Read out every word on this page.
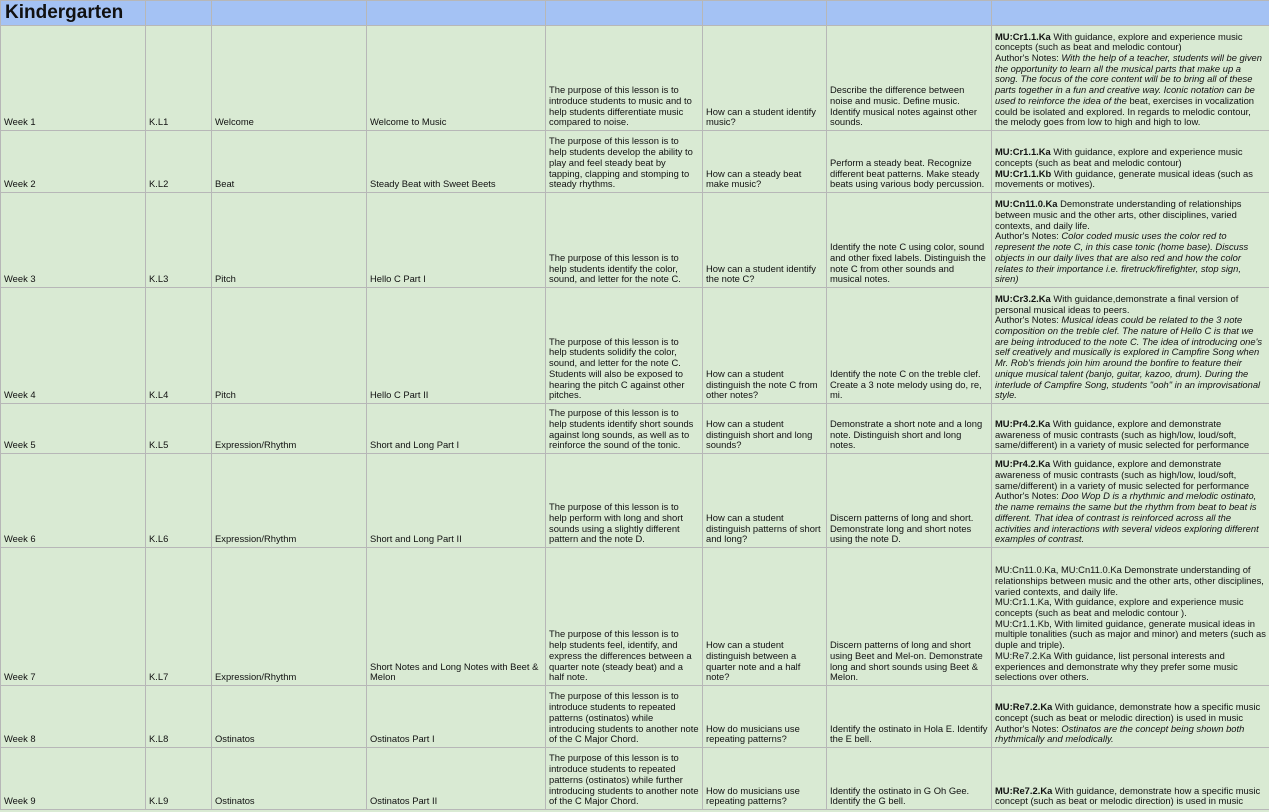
Kindergarten							
Week 1	K.L1	Welcome	Welcome to Music	The purpose of this lesson is to introduce students to music and to help students differentiate music compared to noise.	How can a student identify music?	Describe the difference between noise and music. Define music. Identify musical notes against other sounds.	MU:Cr1.1.Ka With guidance, explore and experience music concepts (such as beat and melodic contour)
Author's Notes: With the help of a teacher, students will be given the opportunity to learn all the musical parts that make up a song. The focus of the core content will be to bring all of these parts together in a fun and creative way. Iconic notation can be used to reinforce the idea of the beat, exercises in vocalization could be isolated and explored. In regards to melodic contour, the melody goes from low to high and high to low.

Week 2	K.L2	Beat	Steady Beat with Sweet Beets	The purpose of this lesson is to help students develop the ability to play and feel steady beat by tapping, clapping and stomping to steady rhythms.	How can a steady beat make music?	Perform a steady beat. Recognize different beat patterns. Make steady beats using various body percussion.	MU:Cr1.1.Ka With guidance, explore and experience music concepts (such as beat and melodic contour)
MU:Cr1.1.Kb With guidance, generate musical ideas (such as movements or motives).

Week 3	K.L3	Pitch	Hello C Part I	The purpose of this lesson is to help students identify the color, sound, and letter for the note C.	How can a student identify the note C?	Identify the note C using color, sound and other fixed labels. Distinguish the note C from other sounds and musical notes.	MU:Cn11.0.Ka Demonstrate understanding of relationships between music and the other arts, other disciplines, varied contexts, and daily life.
Author's Notes: Color coded music uses the color red to represent the note C, in this case tonic (home base). Discuss objects in our daily lives that are also red and how the color relates to their importance i.e. firetruck/firefighter, stop sign, siren)

Week 4	K.L4	Pitch	Hello C Part II	The purpose of this lesson is to help students solidify the color, sound, and letter for the note C. Students will also be exposed to hearing the pitch C against other pitches.	How can a student distinguish the note C from other notes?	Identify the note C on the treble clef. Create a 3 note melody using do, re, mi.	MU:Cr3.2.Ka With guidance,demonstrate a final version of personal musical ideas to peers.
Author's Notes: Musical ideas could be related to the 3 note composition on the treble clef. The nature of Hello C is that we are being introduced to the note C. The idea of introducing one's self creatively and musically is explored in Campfire Song when Mr. Rob's friends join him around the bonfire to feature their unique musical talent (banjo, guitar, kazoo, drum). During the interlude of Campfire Song, students "ooh" in an improvisational style.

Week 5	K.L5	Expression/Rhythm	Short and Long Part I	The purpose of this lesson is to help students identify short sounds against long sounds, as well as to reinforce the sound of the tonic.	How can a student distinguish short and long sounds?	Demonstrate a short note and a long note. Distinguish short and long notes.	MU:Pr4.2.Ka With guidance, explore and demonstrate awareness of music contrasts (such as high/low, loud/soft, same/different) in a variety of music selected for performance

Week 6	K.L6	Expression/Rhythm	Short and Long Part II	The purpose of this lesson is to help perform with long and short sounds using a slightly different pattern and the note D.	How can a student distinguish patterns of short and long?	Discern patterns of long and short. Demonstrate long and short notes using the note D.	MU:Pr4.2.Ka With guidance, explore and demonstrate awareness of music contrasts (such as high/low, loud/soft, same/different) in a variety of music selected for performance
Author's Notes: Doo Wop D is a rhythmic and melodic ostinato, the name remains the same but the rhythm from beat to beat is different. That idea of contrast is reinforced across all the activities and interactions with several videos exploring different examples of contrast.

Week 7	K.L7	Expression/Rhythm	Short Notes and Long Notes with Beet & Melon	The purpose of this lesson is to help students feel, identify, and express the differences between a quarter note (steady beat) and a half note.	How can a student distinguish between a quarter note and a half note?	Discern patterns of long and short using Beet and Mel-on. Demonstrate long and short sounds using Beet & Melon.	MU:Cn11.0.Ka, MU:Cn11.0.Ka Demonstrate understanding of relationships between music and the other arts, other disciplines, varied contexts, and daily life.
MU:Cr1.1.Ka, With guidance, explore and experience music concepts (such as beat and melodic contour ).
MU:Cr1.1.Kb, With limited guidance, generate musical ideas in multiple tonalities (such as major and minor) and meters (such as duple and triple).
MU:Re7.2.Ka With guidance, list personal interests and experiences and demonstrate why they prefer some music selections over others.

Week 8	K.L8	Ostinatos	Ostinatos Part I	The purpose of this lesson is to introduce students to repeated patterns (ostinatos) while introducing students to another note of the C Major Chord.	How do musicians use repeating patterns?	Identify the ostinato in Hola E. Identify the E bell.	MU:Re7.2.Ka With guidance, demonstrate how a specific music concept (such as beat or melodic direction) is used in music
Author's Notes: Ostinatos are the concept being shown both rhythmically and melodically.

Week 9	K.L9	Ostinatos	Ostinatos Part II	The purpose of this lesson is to introduce students to repeated patterns (ostinatos) while further introducing students to another note of the C Major Chord.	How do musicians use repeating patterns?	Identify the ostinato in G Oh Gee. Identify the G bell.	MU:Re7.2.Ka With guidance, demonstrate how a specific music concept (such as beat or melodic direction) is used in music
